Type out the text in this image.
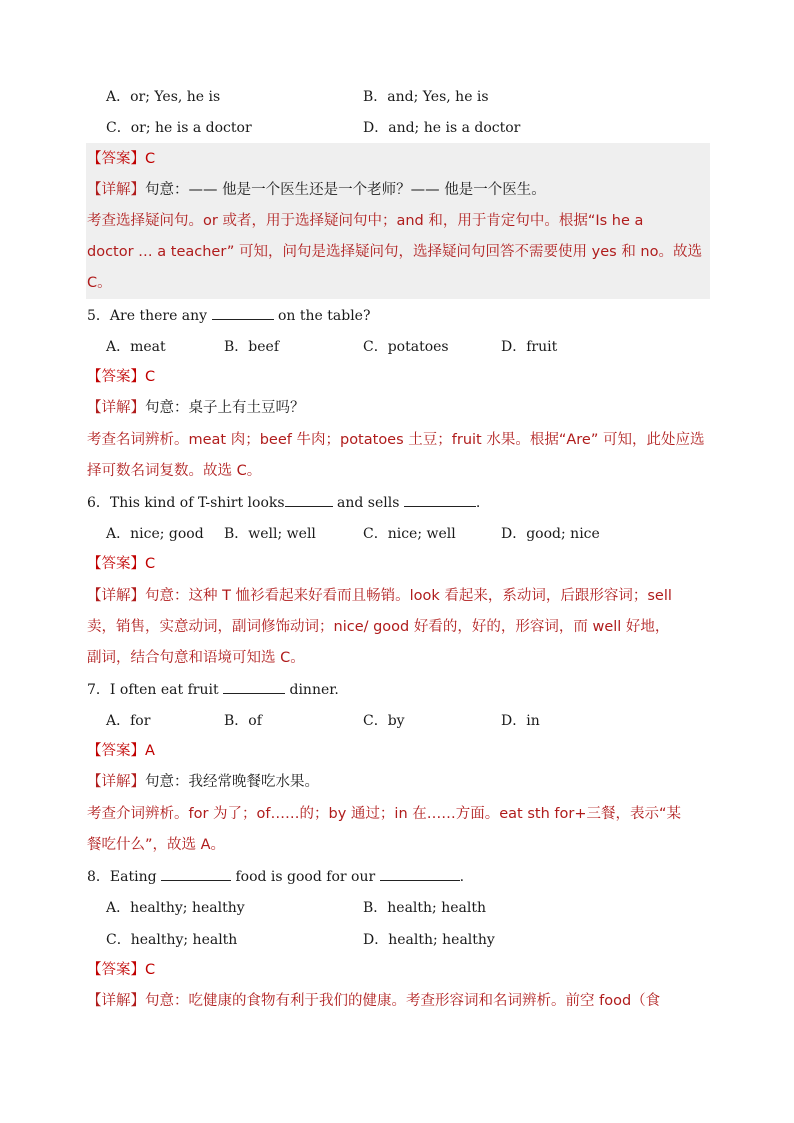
A．or; Yes, he is	B．and; Yes, he is
C．or; he is a doctor	D．and; he is a doctor
【答案】C
【详解】句意：—— 他是一个医生还是一个老师？—— 他是一个医生。
考查选择疑问句。or 或者，用于选择疑问句中；and 和，用于肯定句中。根据“Is he a
doctor … a teacher” 可知，问句是选择疑问句，选择疑问句回答不需要使用 yes 和 no。故选
C。
5．Are there any	on the table?
A．meat	B．beef	C．potatoes	D．fruit
【答案】C
【详解】句意：桌子上有土豆吗？
考查名词辨析。meat 肉；beef 牛肉；potatoes 土豆；fruit 水果。根据“Are” 可知，此处应选
择可数名词复数。故选 C。
6．This kind of T-shirt looks	and sells	.
A．nice; good B．well; well	C．nice; well	D．good; nice
【答案】C
【详解】句意：这种 T 恤衫看起来好看而且畅销。look 看起来，系动词，后跟形容词；sell
卖，销售，实意动词，副词修饰动词；nice/ good 好看的，好的，形容词，而 well 好地，
副词，结合句意和语境可知选 C。
7．I often eat fruit	dinner.
A．for	B．of	C．by	D．in
【答案】A
【详解】句意：我经常晚餐吃水果。
考查介词辨析。for 为了；of……的；by 通过；in 在……方面。eat sth for+三餐，表示“某
餐吃什么”，故选 A。
8．Eating	food is good for our	.
A．healthy; healthy	B．health; health
C．healthy; health	D．health; healthy
【答案】C
【详解】句意：吃健康的食物有利于我们的健康。考查形容词和名词辨析。前空 food（食
